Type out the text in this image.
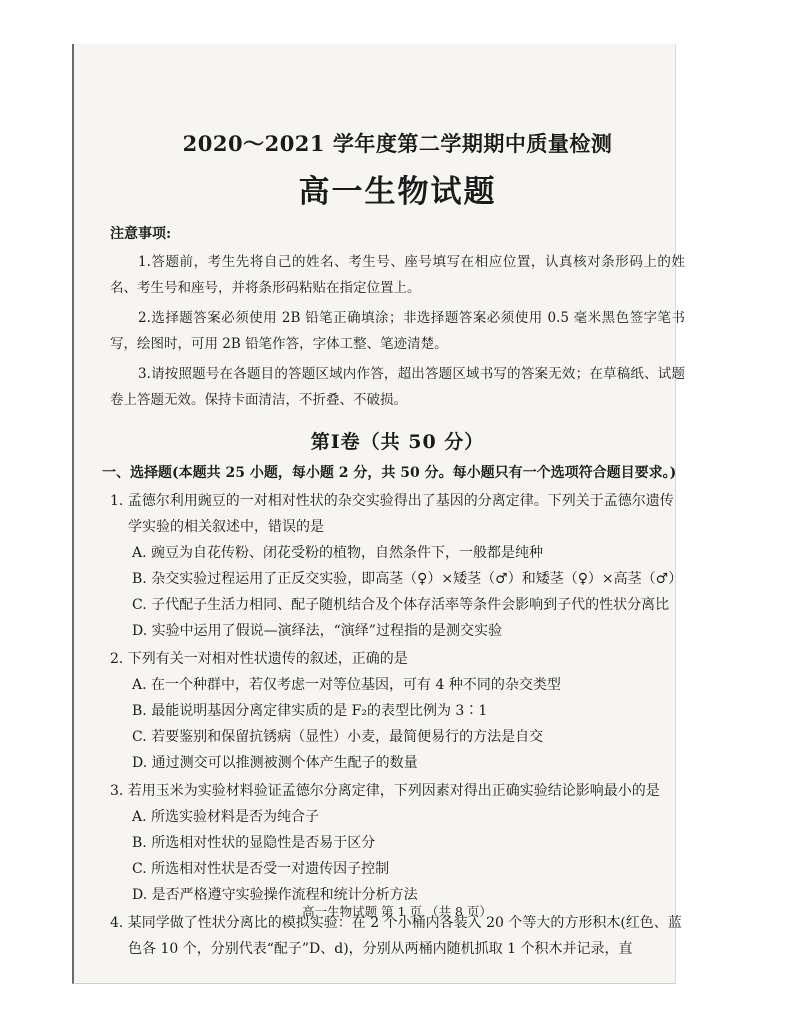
2020～2021 学年度第二学期期中质量检测
高一生物试题
注意事项:

1.答题前，考生先将自己的姓名、考生号、座号填写在相应位置，认真核对条形码上的姓名、考生号和座号，并将条形码粘贴在指定位置上。

2.选择题答案必须使用 2B 铅笔正确填涂；非选择题答案必须使用 0.5 毫米黑色签字笔书写，绘图时，可用 2B 铅笔作答，字体工整、笔迹清楚。

3.请按照题号在各题目的答题区域内作答，超出答题区域书写的答案无效；在草稿纸、试题卷上答题无效。保持卡面清洁，不折叠、不破损。

第Ⅰ卷（共 50 分）
一、选择题(本题共 25 小题，每小题 2 分，共 50 分。每小题只有一个选项符合题目要求。)

1. 孟德尔利用豌豆的一对相对性状的杂交实验得出了基因的分离定律。下列关于孟德尔遗传学实验的相关叙述中，错误的是

A. 豌豆为自花传粉、闭花受粉的植物，自然条件下，一般都是纯种

B. 杂交实验过程运用了正反交实验，即高茎（♀）×矮茎（♂）和矮茎（♀）×高茎（♂）

C. 子代配子生活力相同、配子随机结合及个体存活率等条件会影响到子代的性状分离比

D. 实验中运用了假说—演绎法，“演绎”过程指的是测交实验

2. 下列有关一对相对性状遗传的叙述，正确的是

A. 在一个种群中，若仅考虑一对等位基因，可有 4 种不同的杂交类型

B. 最能说明基因分离定律实质的是 F₂的表型比例为 3∶1

C. 若要鉴别和保留抗锈病（显性）小麦，最简便易行的方法是自交

D. 通过测交可以推测被测个体产生配子的数量

3. 若用玉米为实验材料验证孟德尔分离定律，下列因素对得出正确实验结论影响最小的是

A. 所选实验材料是否为纯合子

B. 所选相对性状的显隐性是否易于区分

C. 所选相对性状是否受一对遗传因子控制

D. 是否严格遵守实验操作流程和统计分析方法

4. 某同学做了性状分离比的模拟实验：在 2 个小桶内各装入 20 个等大的方形积木(红色、蓝色各 10 个，分别代表“配子”D、d)，分别从两桶内随机抓取 1 个积木并记录，直

高一生物试题 第 1 页 （共 8 页）
